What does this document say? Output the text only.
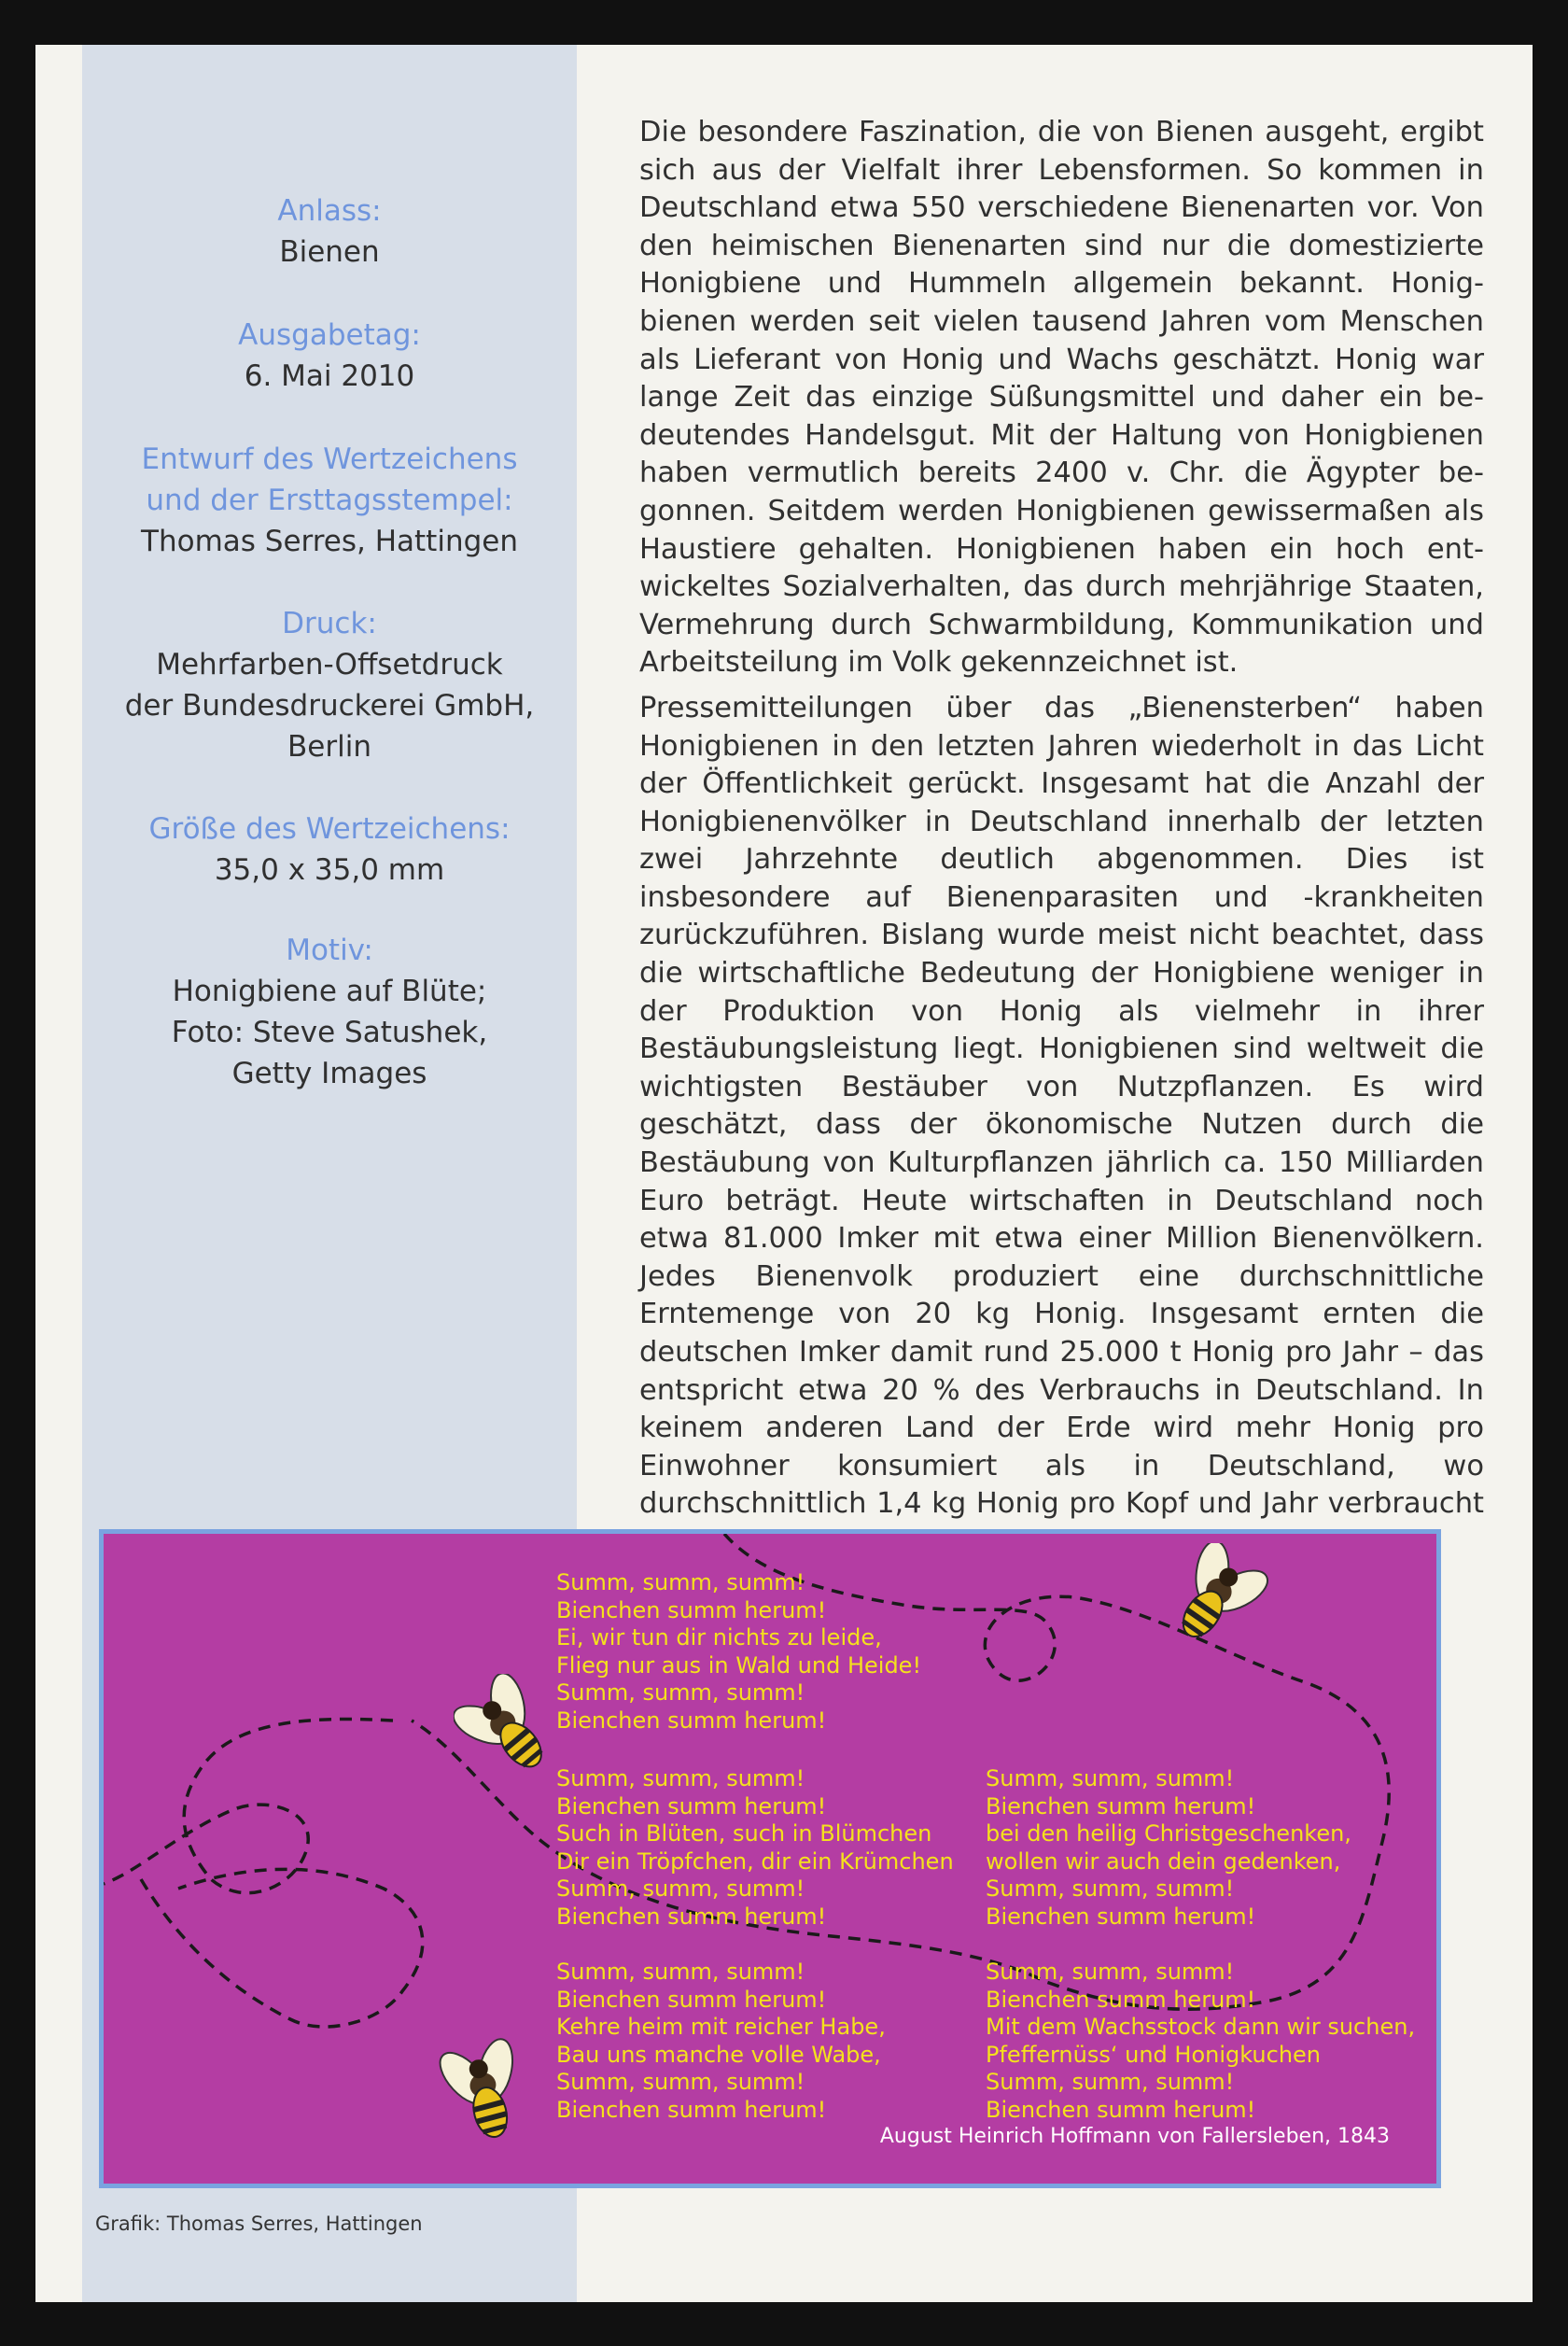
Anlass:
Bienen
Ausgabetag:
6. Mai 2010
Entwurf des Wertzeichens
und der Ersttagsstempel:
Thomas Serres, Hattingen
Druck:
Mehrfarben-Offsetdruck
der Bundesdruckerei GmbH,
Berlin
Größe des Wertzeichens:
35,0 x 35,0 mm
Motiv:
Honigbiene auf Blüte;
Foto: Steve Satushek,
Getty Images
Grafik: Thomas Serres, Hattingen

Die besondere Faszination, die von Bienen ausgeht, ergibt sich aus der Vielfalt ihrer Lebensformen. So kommen in Deutschland etwa 550 verschiedene Bienenarten vor. Von den heimischen Bienenarten sind nur die domestizierte Honigbiene und Hummeln allgemein bekannt. Honigbienen werden seit vielen tausend Jahren vom Menschen als Lieferant von Honig und Wachs geschätzt. Honig war lange Zeit das einzige Süßungsmittel und daher ein bedeutendes Handelsgut. Mit der Haltung von Honigbienen haben vermutlich bereits 2400 v. Chr. die Ägypter begonnen. Seitdem werden Honigbienen gewissermaßen als Haustiere gehalten. Honigbienen haben ein hoch entwickeltes Sozialverhalten, das durch mehrjährige Staaten, Vermehrung durch Schwarmbildung, Kommunikation und Arbeitsteilung im Volk gekennzeichnet ist.

Pressemitteilungen über das „Bienensterben“ haben Honigbienen in den letzten Jahren wiederholt in das Licht der Öffentlichkeit gerückt. Insgesamt hat die Anzahl der Honigbienenvölker in Deutschland innerhalb der letzten zwei Jahrzehnte deutlich abgenommen. Dies ist insbesondere auf Bienenparasiten und -krankheiten zurückzuführen. Bislang wurde meist nicht beachtet, dass die wirtschaftliche Bedeutung der Honigbiene weniger in der Produktion von Honig als vielmehr in ihrer Bestäubungsleistung liegt. Honigbienen sind weltweit die wichtigsten Bestäuber von Nutzpflanzen. Es wird geschätzt, dass der ökonomische Nutzen durch die Bestäubung von Kulturpflanzen jährlich ca. 150 Milliarden Euro beträgt. Heute wirtschaften in Deutschland noch etwa 81.000 Imker mit etwa einer Million Bienenvölkern. Jedes Bienenvolk produziert eine durchschnittliche Erntemenge von 20 kg Honig. Insgesamt ernten die deutschen Imker damit rund 25.000 t Honig pro Jahr – das entspricht etwa 20 % des Verbrauchs in Deutschland. In keinem anderen Land der Erde wird mehr Honig pro Einwohner konsumiert als in Deutschland, wo durchschnittlich 1,4 kg Honig pro Kopf und Jahr verbraucht

Summ, summ, summ!
Bienchen summ herum!
Ei, wir tun dir nichts zu leide,
Flieg nur aus in Wald und Heide!
Summ, summ, summ!
Bienchen summ herum!
Summ, summ, summ!
Bienchen summ herum!
Such in Blüten, such in Blümchen
Dir ein Tröpfchen, dir ein Krümchen
Summ, summ, summ!
Bienchen summ herum!
Summ, summ, summ!
Bienchen summ herum!
Kehre heim mit reicher Habe,
Bau uns manche volle Wabe,
Summ, summ, summ!
Bienchen summ herum!
Summ, summ, summ!
Bienchen summ herum!
bei den heilig Christgeschenken,
wollen wir auch dein gedenken,
Summ, summ, summ!
Bienchen summ herum!
Summ, summ, summ!
Bienchen summ herum!
Mit dem Wachsstock dann wir suchen,
Pfeffernüss‘ und Honigkuchen
Summ, summ, summ!
Bienchen summ herum!
August Heinrich Hoffmann von Fallersleben, 1843
